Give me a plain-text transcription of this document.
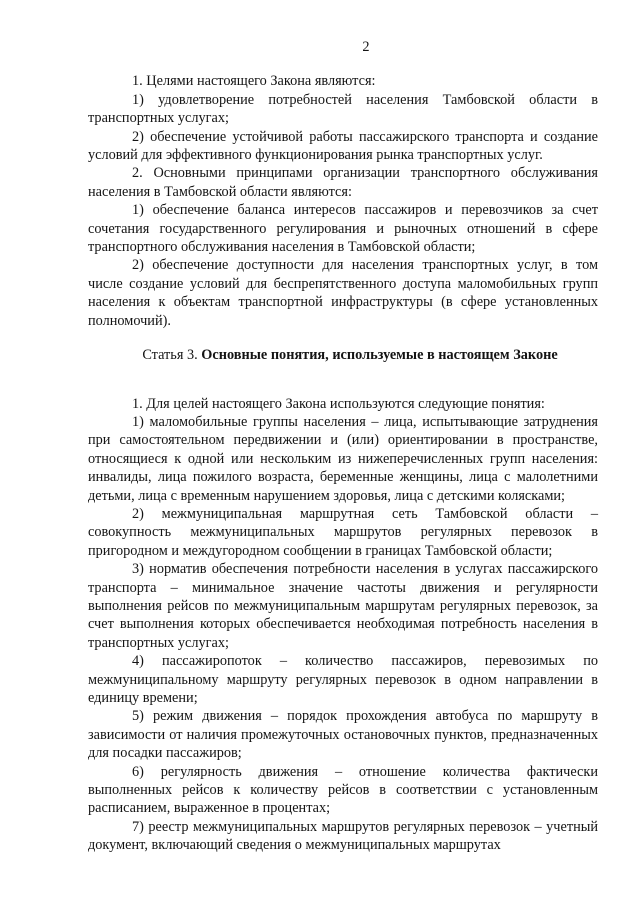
2

1. Целями настоящего Закона являются:

1) удовлетворение потребностей населения Тамбовской области в транспортных услугах;

2) обеспечение устойчивой работы пассажирского транспорта и создание условий для эффективного функционирования рынка транспортных услуг.

2. Основными принципами организации транспортного обслуживания населения в Тамбовской области являются:

1) обеспечение баланса интересов пассажиров и перевозчиков за счет сочетания государственного регулирования и рыночных отношений в сфере транспортного обслуживания населения в Тамбовской области;

2) обеспечение доступности для населения транспортных услуг, в том числе создание условий для беспрепятственного доступа маломобильных групп населения к объектам транспортной инфраструктуры (в сфере установленных полномочий).

Статья 3. Основные понятия, используемые в настоящем Законе

1. Для целей настоящего Закона используются следующие понятия:

1) маломобильные группы населения – лица, испытывающие затруднения при самостоятельном передвижении и (или) ориентировании в пространстве, относящиеся к одной или нескольким из нижеперечисленных групп населения: инвалиды, лица пожилого возраста, беременные женщины, лица с малолетними детьми, лица с временным нарушением здоровья, лица с детскими колясками;

2) межмуниципальная маршрутная сеть Тамбовской области – совокупность межмуниципальных маршрутов регулярных перевозок в пригородном и междугородном сообщении в границах Тамбовской области;

3) норматив обеспечения потребности населения в услугах пассажирского транспорта – минимальное значение частоты движения и регулярности выполнения рейсов по межмуниципальным маршрутам регулярных перевозок, за счет выполнения которых обеспечивается необходимая потребность населения в транспортных услугах;

4) пассажиропоток – количество пассажиров, перевозимых по межмуниципальному маршруту регулярных перевозок в одном направлении в единицу времени;

5) режим движения – порядок прохождения автобуса по маршруту в зависимости от наличия промежуточных остановочных пунктов, предназначенных для посадки пассажиров;

6) регулярность движения – отношение количества фактически выполненных рейсов к количеству рейсов в соответствии с установленным расписанием, выраженное в процентах;

7) реестр межмуниципальных маршрутов регулярных перевозок – учетный документ, включающий сведения о межмуниципальных маршрутах
